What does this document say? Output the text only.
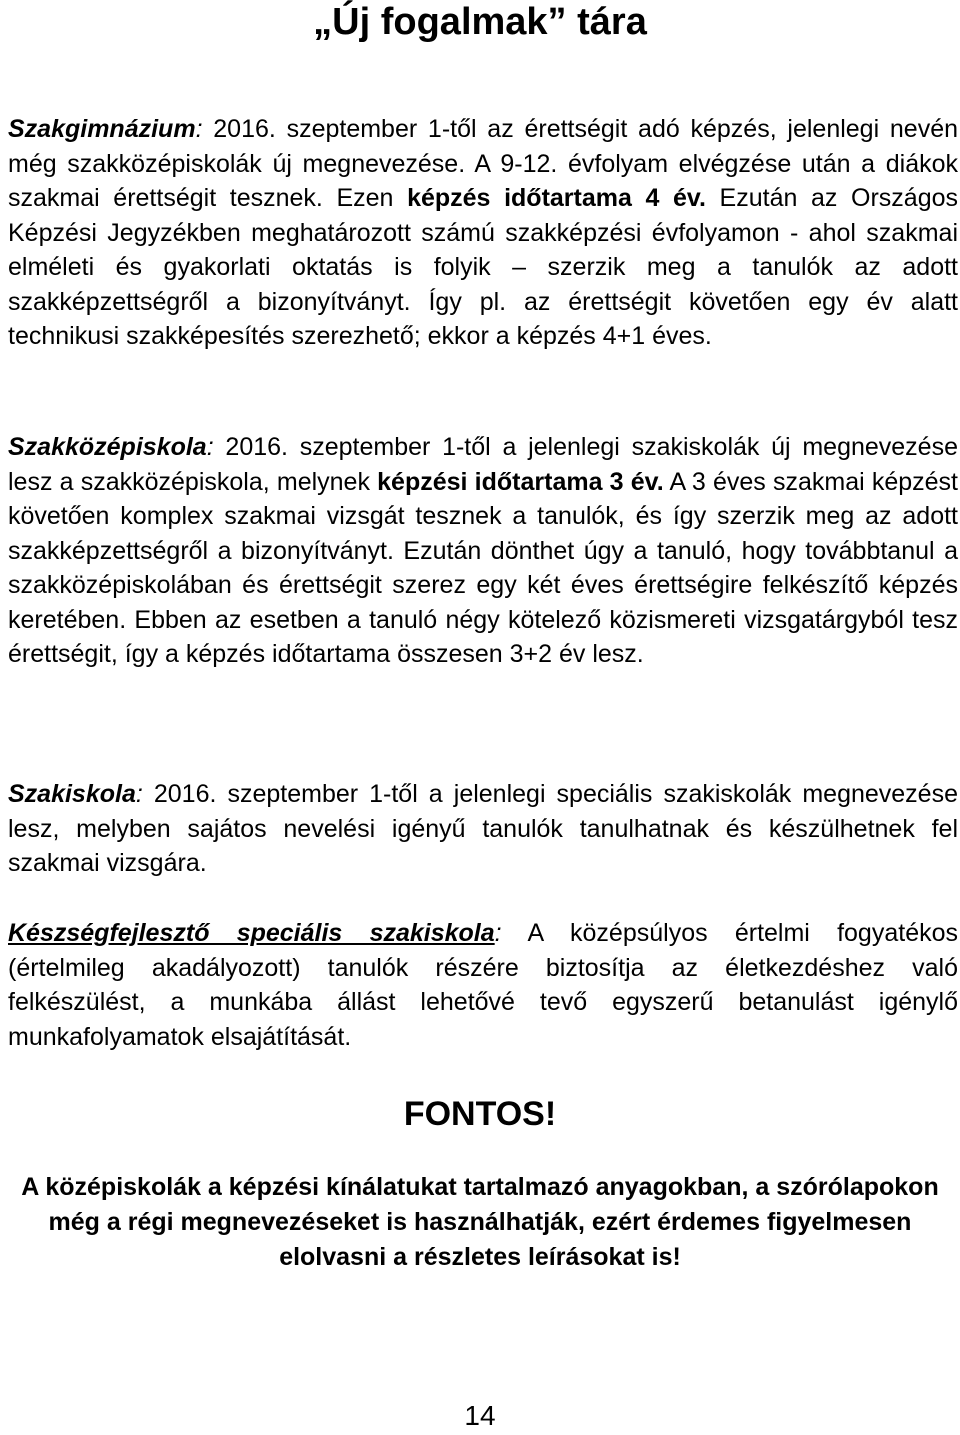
„Új fogalmak” tára

Szakgimnázium: 2016. szeptember 1-től az érettségit adó képzés, jelenlegi nevén még szakközépiskolák új megnevezése. A 9-12. évfolyam elvégzése után a diákok szakmai érettségit tesznek. Ezen képzés időtartama 4 év. Ezután az Országos Képzési Jegyzékben meghatározott számú szakképzési évfolyamon - ahol szakmai elméleti és gyakorlati oktatás is folyik – szerzik meg a tanulók az adott szakképzettségről a bizonyítványt. Így pl. az érettségit követően egy év alatt technikusi szakképesítés szerezhető; ekkor a képzés 4+1 éves.

Szakközépiskola: 2016. szeptember 1-től a jelenlegi szakiskolák új megnevezése lesz a szakközépiskola, melynek képzési időtartama 3 év. A 3 éves szakmai képzést követően komplex szakmai vizsgát tesznek a tanulók, és így szerzik meg az adott szakképzettségről a bizonyítványt. Ezután dönthet úgy a tanuló, hogy továbbtanul a szakközépiskolában és érettségit szerez egy két éves érettségire felkészítő képzés keretében. Ebben az esetben a tanuló négy kötelező közismereti vizsgatárgyból tesz érettségit, így a képzés időtartama összesen 3+2 év lesz.

Szakiskola: 2016. szeptember 1-től a jelenlegi speciális szakiskolák megnevezése lesz, melyben sajátos nevelési igényű tanulók tanulhatnak és készülhetnek fel szakmai vizsgára.

Készségfejlesztő speciális szakiskola: A középsúlyos értelmi fogyatékos (értelmileg akadályozott) tanulók részére biztosítja az életkezdéshez való felkészülést, a munkába állást lehetővé tevő egyszerű betanulást igénylő munkafolyamatok elsajátítását.

FONTOS!

A középiskolák a képzési kínálatukat tartalmazó anyagokban, a szórólapokon még a régi megnevezéseket is használhatják, ezért érdemes figyelmesen elolvasni a részletes leírásokat is!

14
